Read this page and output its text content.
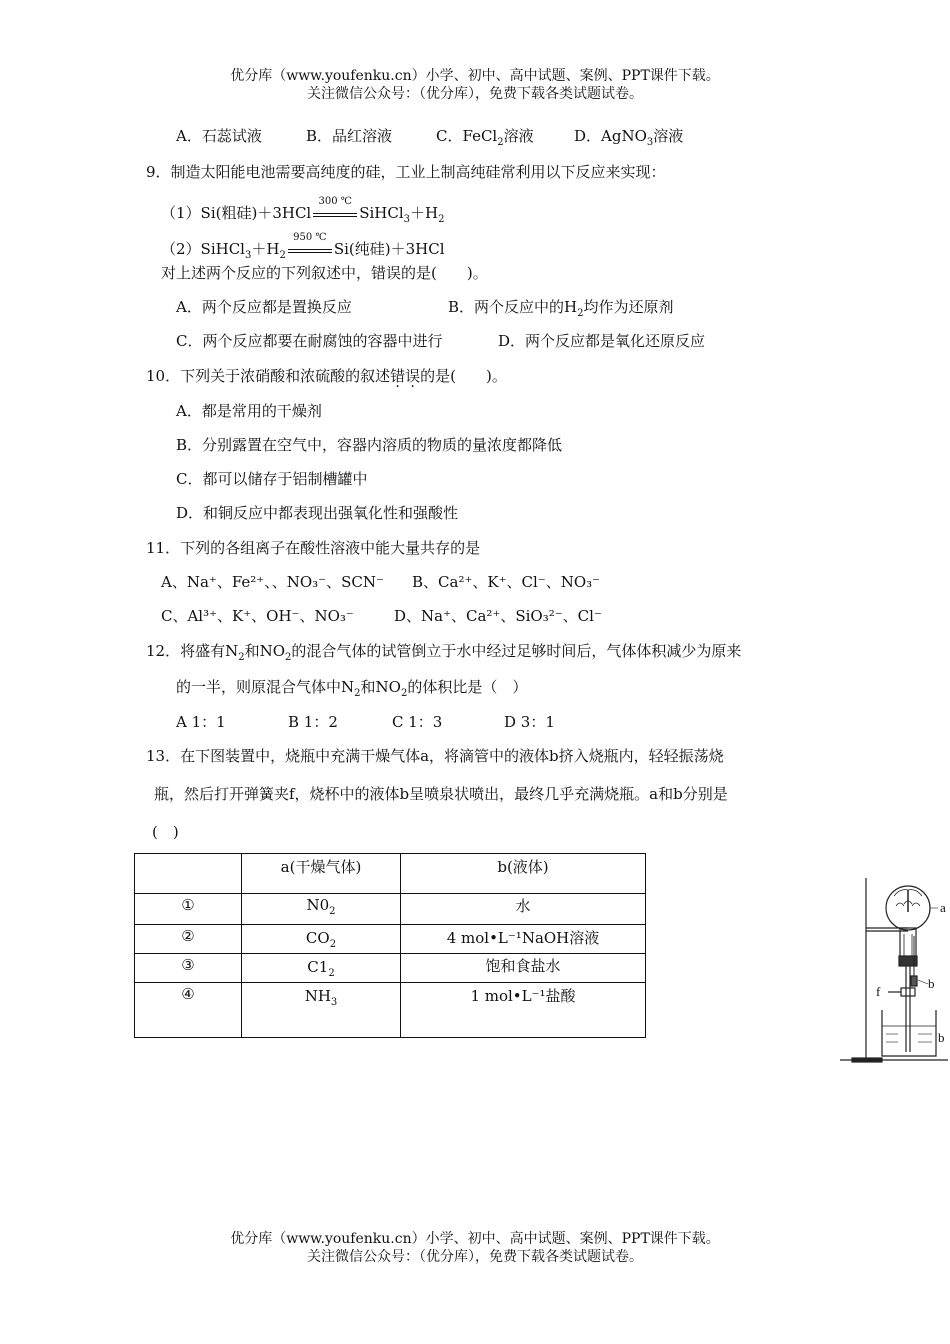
优分库（www.youfenku.cn）小学、初中、高中试题、案例、PPT课件下载。
关注微信公众号：（优分库），免费下载各类试题试卷。
A．石蕊试液	B．品红溶液	C．FeCl$_2$溶液	D．AgNO$_3$溶液
9．制造太阳能电池需要高纯度的硅，工业上制高纯硅常利用以下反应来实现：
（1）Si(粗硅)＋3HCl
300 ℃
$SiHCl_3+H_2$
$(2)SiHCl_3+H_2$
950 ℃
Si(纯硅)＋3HCl
对上述两个反应的下列叙述中，错误的是(　　)。
A．两个反应都是置换反应	B．两个反应中的$H_2$均作为还原剂
C．两个反应都要在耐腐蚀的容器中进行	D．两个反应都是氧化还原反应
10．下列关于浓硝酸和浓硫酸的叙述错误的是(　　)。
A．都是常用的干燥剂
B．分别露置在空气中，容器内溶质的物质的量浓度都降低
C．都可以储存于铝制槽罐中
D．和铜反应中都表现出强氧化性和强酸性
11．下列的各组离子在酸性溶液中能大量共存的是
A、Na⁺、Fe²⁺、、NO₃⁻、SCN⁻ B、Ca²⁺、K⁺、Cl⁻、NO₃⁻
C、Al³⁺、K⁺、OH⁻、NO₃⁻	D、Na⁺、Ca²⁺、SiO₃²⁻、Cl⁻
12．将盛有$N_2$和$NO_2$的混合气体的试管倒立于水中经过足够时间后，气体体积减少为原来
的一半，则原混合气体中$N_2$和$NO_2$的体积比是（　）
A 1：1	B 1：2	C 1：3	D 3：1
13．在下图装置中，烧瓶中充满干燥气体a，将滴管中的液体b挤入烧瓶内，轻轻振荡烧
瓶，然后打开弹簧夹f，烧杯中的液体b呈喷泉状喷出，最终几乎充满烧瓶。a和b分别是
(　)

	a(干燥气体)	b(液体)

①	$N0_2$	水

②	$CO_2$	4 mol•L⁻¹NaOH溶液

③	$C1_2$	饱和食盐水

④	$NH_3$	1 mol•L⁻¹盐酸
a
b
f
b
优分库（www.youfenku.cn）小学、初中、高中试题、案例、PPT课件下载。
关注微信公众号：（优分库），免费下载各类试题试卷。
